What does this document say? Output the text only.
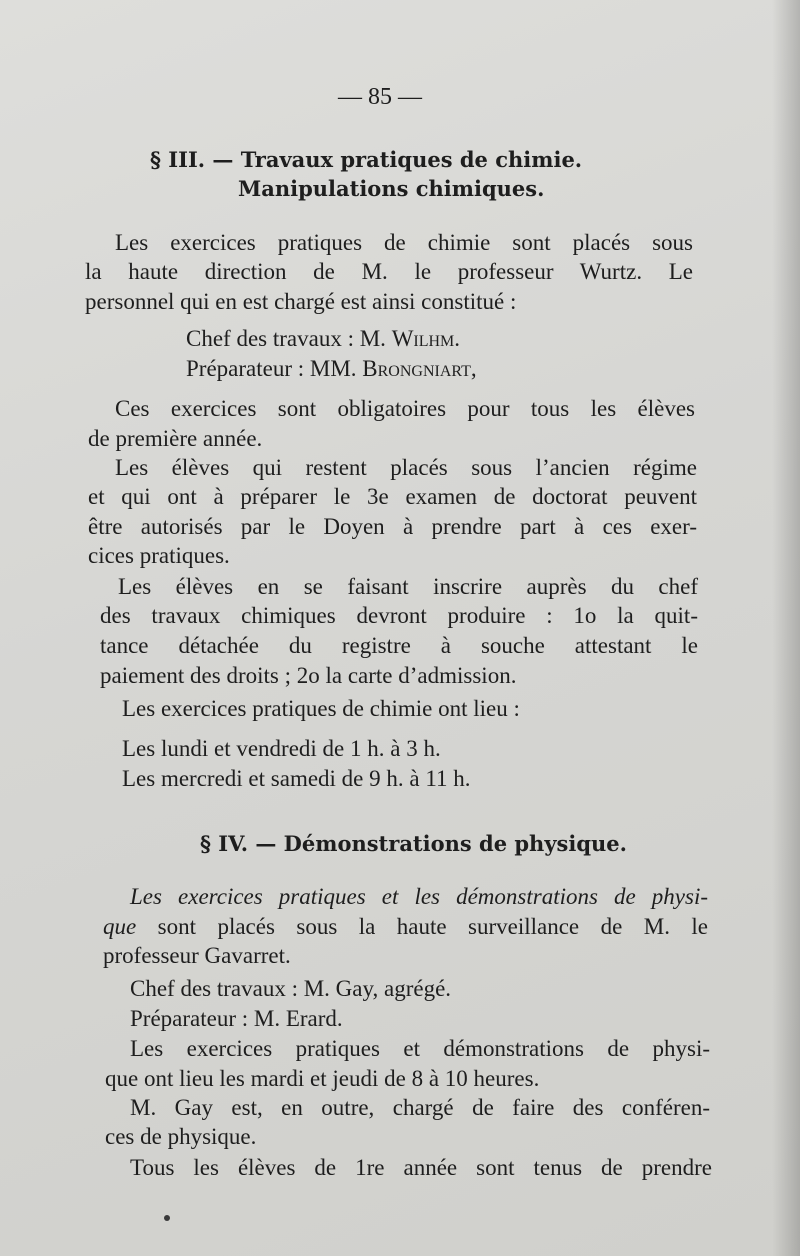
— 85 —
§ III. — Travaux pratiques de chimie.
Manipulations chimiques.
Les exercices pratiques de chimie sont placés sous
la haute direction de M. le professeur Wurtz. Le
personnel qui en est chargé est ainsi constitué :
Chef des travaux : M. Wilhm.
Préparateur : MM. Brongniart,
Ces exercices sont obligatoires pour tous les élèves
de première année.
Les élèves qui restent placés sous l’ancien régime
et qui ont à préparer le 3e examen de doctorat peuvent
être autorisés par le Doyen à prendre part à ces exer-
cices pratiques.
Les élèves en se faisant inscrire auprès du chef
des travaux chimiques devront produire : 1o la quit-
tance détachée du registre à souche attestant le
paiement des droits ; 2o la carte d’admission.
Les exercices pratiques de chimie ont lieu :
Les lundi et vendredi de 1 h. à 3 h.
Les mercredi et samedi de 9 h. à 11 h.
§ IV. — Démonstrations de physique.
Les exercices pratiques et les démonstrations de physi-
que sont placés sous la haute surveillance de M. le
professeur Gavarret.
Chef des travaux : M. Gay, agrégé.
Préparateur : M. Erard.
Les exercices pratiques et démonstrations de physi-
que ont lieu les mardi et jeudi de 8 à 10 heures.
M. Gay est, en outre, chargé de faire des conféren-
ces de physique.
Tous les élèves de 1re année sont tenus de prendre
